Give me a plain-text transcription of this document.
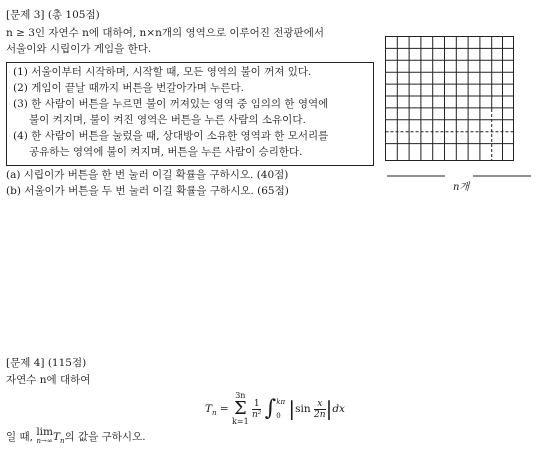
[문제 3] (총 105점)
n ≥ 3인 자연수 n에 대하여, n×n개의 영역으로 이루어진 전광판에서
서울이와 시립이가 게임을 한다.
(1) 서울이부터 시작하며, 시작할 때, 모든 영역의 불이 꺼져 있다.
(2) 게임이 끝날 때까지 버튼을 번갈아가며 누른다.
(3) 한 사람이 버튼을 누르면 불이 꺼져있는 영역 중 임의의 한 영역에
불이 켜지며, 불이 켜진 영역은 버튼을 누른 사람의 소유이다.
(4) 한 사람이 버튼을 눌렀을 때, 상대방이 소유한 영역과 한 모서리를
공유하는 영역에 불이 켜지며, 버튼을 누른 사람이 승리한다.
(a) 시립이가 버튼을 한 번 눌러 이길 확률을 구하시오. (40점)
(b) 서울이가 버튼을 두 번 눌러 이길 확률을 구하시오. (65점)	n개
[문제 4] (115점)
자연수 n에 대하여
$T_n$ =
3n
Σ
k=1

$\frac{1}{\text{n²}}$ ∫ kπ
0 $|\sin \frac{x}{2n} |dx$
일 때, lim
n→∞ $T_n$의 값을 구하시오.
